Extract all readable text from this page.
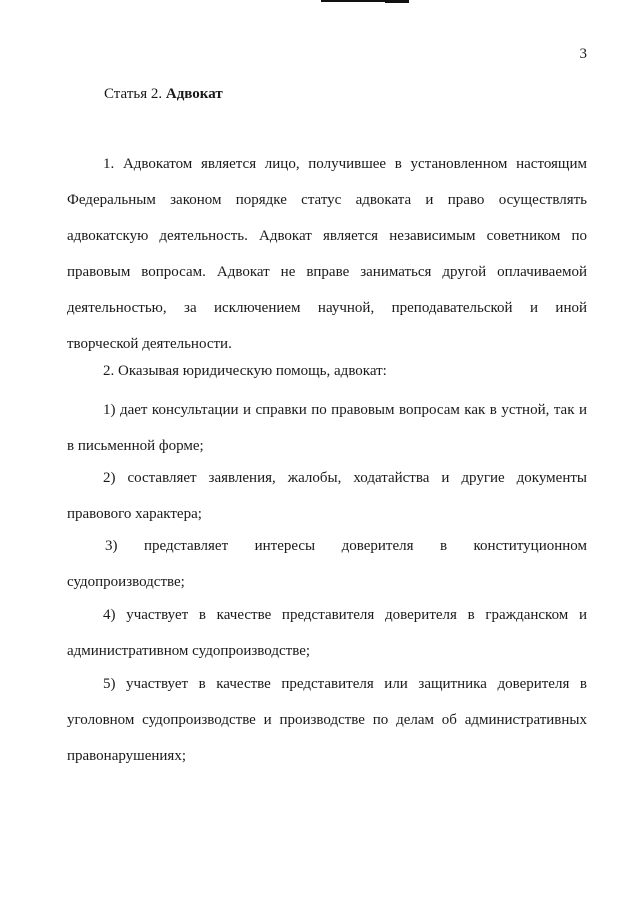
3
Статья 2. Адвокат
1. Адвокатом является лицо, получившее в установленном настоящим
Федеральным законом порядке статус адвоката и право осуществлять
адвокатскую деятельность. Адвокат является независимым советником по
правовым вопросам. Адвокат не вправе заниматься другой оплачиваемой
деятельностью, за исключением научной, преподавательской и иной
творческой деятельности.
2. Оказывая юридическую помощь, адвокат:
1) дает консультации и справки по правовым вопросам как в устной, так и
в письменной форме;
2) составляет заявления, жалобы, ходатайства и другие документы
правового характера;
3) представляет интересы доверителя в конституционном
судопроизводстве;
4) участвует в качестве представителя доверителя в гражданском и
административном судопроизводстве;
5) участвует в качестве представителя или защитника доверителя в
уголовном судопроизводстве и производстве по делам об административных
правонарушениях;
